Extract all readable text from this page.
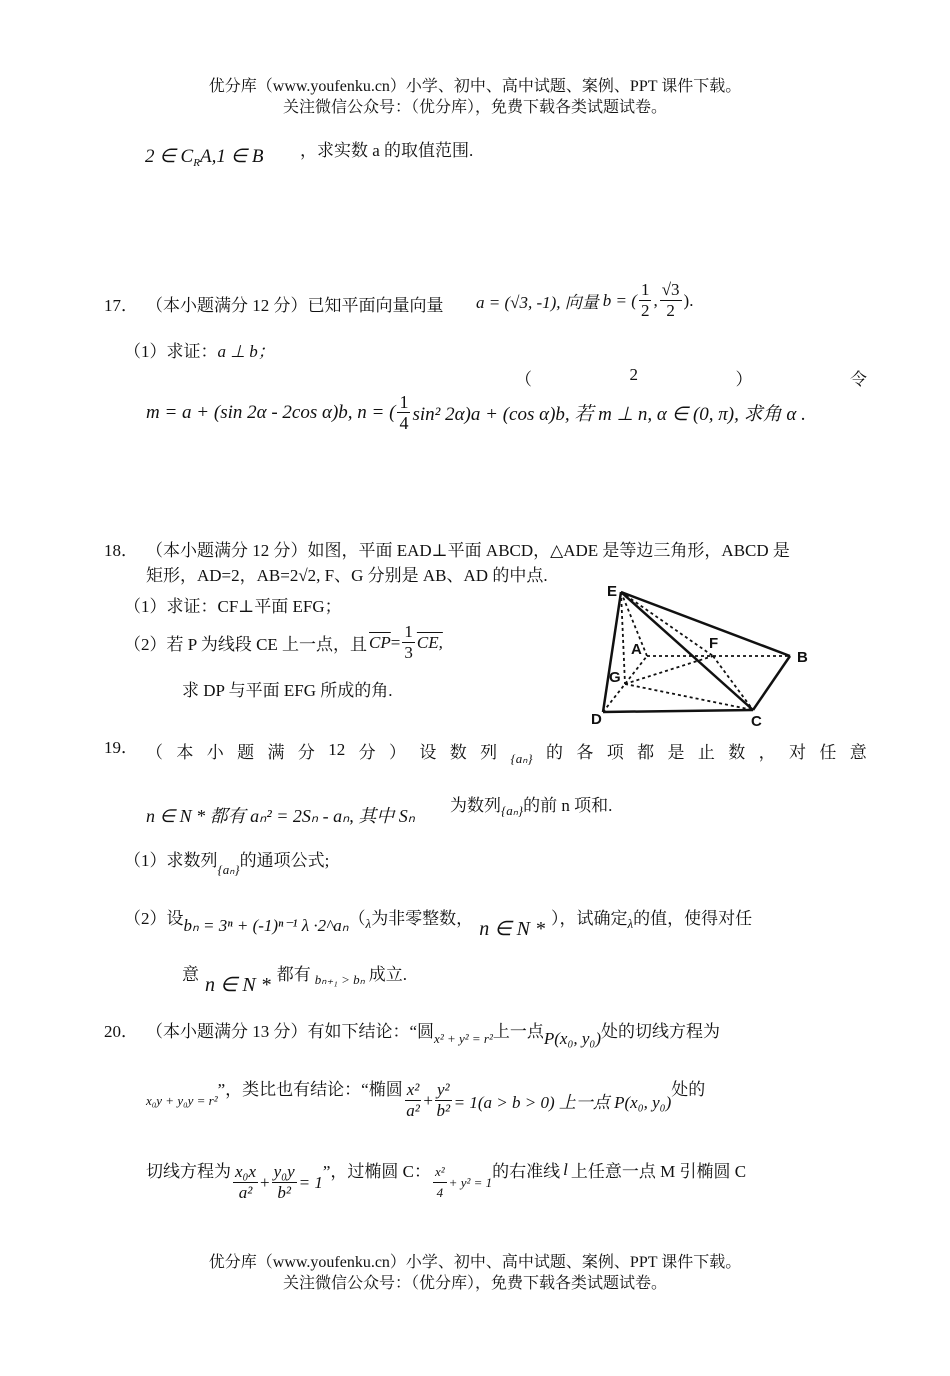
优分库（www.youfenku.cn）小学、初中、高中试题、案例、PPT 课件下载。
关注微信公众号：（优分库），免费下载各类试题试卷。
2 ∈ $C_RA,1$ ∈ B ，求实数 a 的取值范围.
17． （本小题满分 12 分）已知平面向量向量 a = (√3, -1), 向量 b = ( $\frac{1}{2}$ , $\frac{√3}{2}$ ).
（1）求证：a ⊥ b；
（	2	）	令
m = a + (sin 2α - 2cos α)b, n = ( $\frac{1}{4} \sin^2$ 2α)a + (cos α)b, 若 m ⊥ n, α ∈ (0, π), 求角 α .
18． （本小题满分 12 分）如图，平面 EAD⊥平面 ABCD，△ADE 是等边三角形，ABCD 是
矩形，AD=2，AB=2√2, F、G 分别是 AB、AD 的中点.
（1）求证：CF⊥平面 EFG；
（2）若 P 为线段 CE 上一点，且 $\overline{CP} = \frac{1}{3}$ CE,
求 DP 与平面 EFG 所成的角.
E
A	F
B
G
D	C
19． （ 本 小 题 满 分 12 分 ） 设 数 列 {aₙ} 的 各 项 都 是 止 数 ， 对 任 意
n ∈ N * 都有 aₙ² = 2Sₙ - aₙ, 其中 Sₙ
为数列 {aₙ} 的前 n 项和.
（1）求数列 {aₙ} 的通项公式;
（2）设 bₙ = 3ⁿ + (-1)ⁿ⁻¹ λ ·2^aₙ （ λ 为非零整数， n ∈ N * ），试确定 λ 的值，使得对任
意 n ∈ N * 都有 bₙ₊₁ > bₙ 成立.
20． （本小题满分 13 分）有如下结论：“圆 x² + y² = r² 上一点 P(x₀, y₀) 处的切线方程为
x₀y + y₀y = r²
”，类比也有结论：“椭圆 $\frac{\text{x²}}{\text{a²}} + \frac{\text{y²}}{\text{b²}} = 1(a > b > 0)$ 上一点 P(x₀, y₀)
处的
切线方程为 $\frac{\text{x₀x}}{\text{a²}} + \frac{\text{y₀y}}{\text{b²}} = 1$
”，过椭圆 C： $\frac{\text{x²}}{4} + y^2 = 1$
的右准线 l 上任意一点 M 引椭圆 C
优分库（www.youfenku.cn）小学、初中、高中试题、案例、PPT 课件下载。
关注微信公众号：（优分库），免费下载各类试题试卷。
